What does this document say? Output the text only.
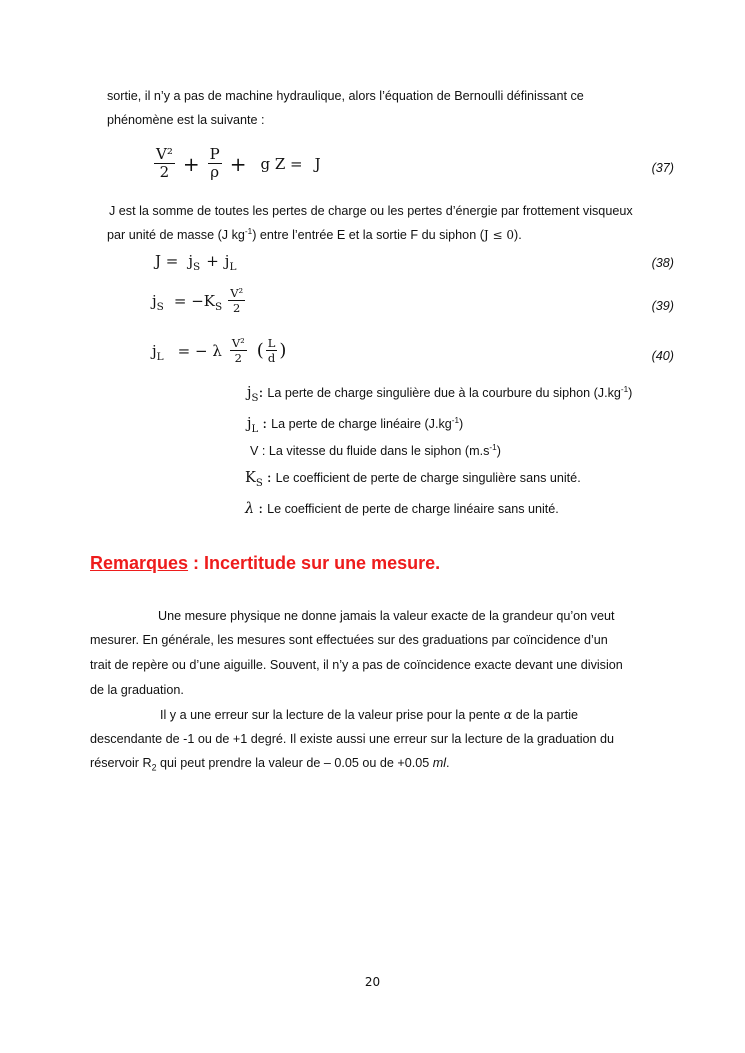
sortie, il n’y a pas de machine hydraulique, alors l’équation de Bernoulli définissant ce

phénomène est la suivante :

$\frac{\text{V²}}{2} + \frac{P}{\rho} + g$ Z = J	(37)

J est la somme de toutes les pertes de charge ou les pertes d’énergie par frottement visqueux

par unité de masse (J $kg^{-1}$) entre l’entrée E et la sortie F du siphon (J ≤ 0).

$J = j_S + j_L$	(38)
$j_S = -K_S \frac{\text{V²}}{2}$	(39)
$j_L$ = − λ $\frac{\text{V²}}{2}$ ( $\frac{L}{d}$ )	(40)
$j_S$: La perte de charge singulière due à la courbure du siphon $(J.kg^{-1})$
$j_L$ : La perte de charge linéaire $(J.kg^{-1})$
V : La vitesse du fluide dans le siphon $(m.s^{-1})$
$K_S$ : Le coefficient de perte de charge singulière sans unité.
λ : Le coefficient de perte de charge linéaire sans unité.
Remarques : Incertitude sur une mesure.

Une mesure physique ne donne jamais la valeur exacte de la grandeur qu’on veut

mesurer. En générale, les mesures sont effectuées sur des graduations par coïncidence d’un

trait de repère ou d’une aiguille. Souvent, il n’y a pas de coïncidence exacte devant une division

de la graduation.

Il y a une erreur sur la lecture de la valeur prise pour la pente α de la partie

descendante de -1 ou de +1 degré. Il existe aussi une erreur sur la lecture de la graduation du

réservoir $R_2$ qui peut prendre la valeur de – 0.05 ou de +0.05 ml.

20
